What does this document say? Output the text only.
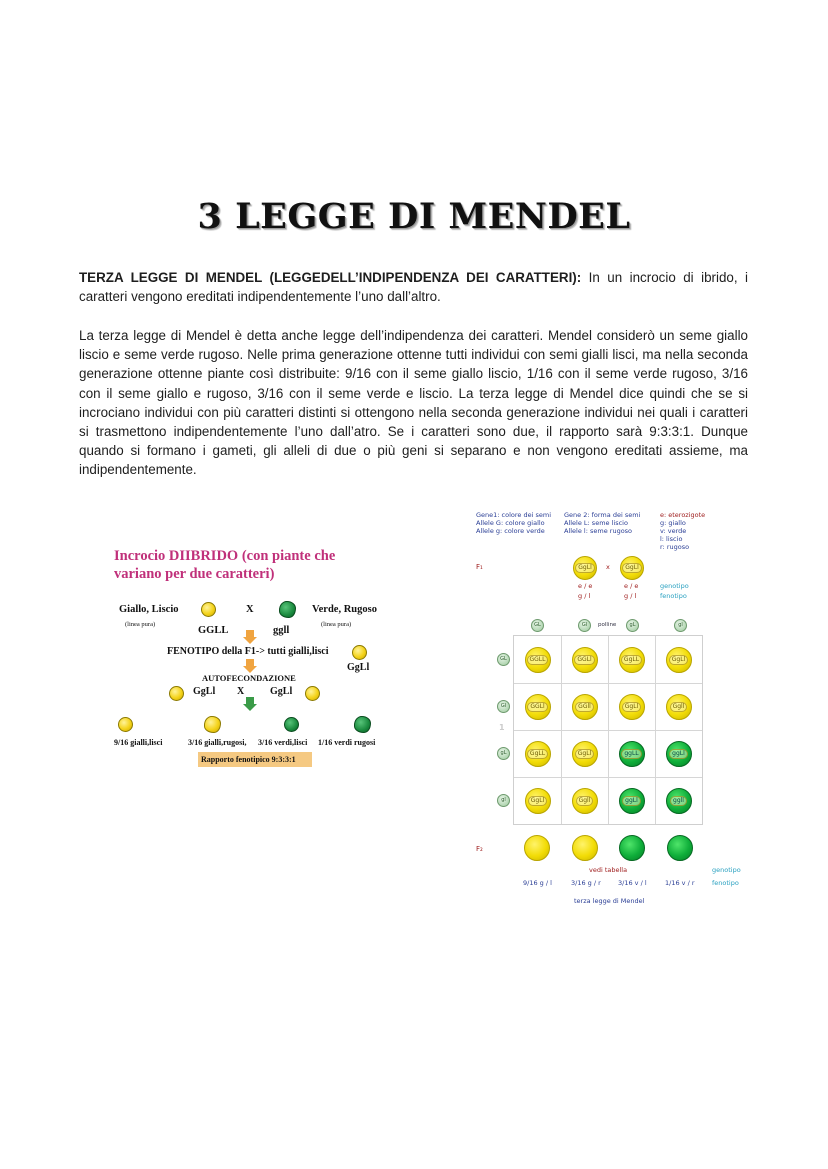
3 LEGGE DI MENDEL
TERZA LEGGE DI MENDEL (LEGGEDELL’INDIPENDENZA DEI CARATTERI): In un incrocio di ibrido, i caratteri vengono ereditati indipendentemente l’uno dall’altro.
La terza legge di Mendel è detta anche legge dell’indipendenza dei caratteri. Mendel considerò un seme giallo liscio e seme verde rugoso. Nelle prima generazione ottenne tutti individui con semi gialli lisci, ma nella seconda generazione ottenne piante così distribuite: 9/16 con il seme giallo liscio, 1/16 con il seme verde rugoso, 3/16 con il seme giallo e rugoso, 3/16 con il seme verde e liscio. La terza legge di Mendel dice quindi che se si incrociano individui con più caratteri distinti si ottengono nella seconda generazione individui nei quali i caratteri si trasmettono indipendentemente l’uno dall’atro. Se i caratteri sono due, il rapporto sarà 9:3:3:1. Dunque quando si formano i gameti, gli alleli di due o più geni si separano e non vengono ereditati assieme, ma indipendentemente.
Incrocio DIIBRIDO (con piante che variano per due caratteri)
Giallo, Liscio
(linea pura)
X	Verde, Rugoso
(linea pura)
GGLL	ggll
FENOTIPO della F1-> tutti gialli,lisci
GgLl
AUTOFECONDAZIONE
GgLl X	GgLl
9/16 gialli,lisci	3/16 gialli,rugosi, 3/16 verdi,lisci 1/16 verdi rugosi
Rapporto fenotipico 9:3:3:1
Gene1: colore dei semi
Allele G: colore giallo
Allele g: colore verde
Gene 2: forma dei semi
Allele L: seme liscio
Allele l: seme rugoso
e: eterozigote
g: giallo
v: verde
l: liscio
r: rugoso
F₁	GgLl	x	GgLl
e / e	e / e	genotipo
g / l	g / l	fenotipo
GL	Gl	polline	gL	gl
GL
Gl
1
gL
gl
GGLL	GGLl	GgLL	GgLl
GGLl	GGll	GgLl	Ggll
GgLL	GgLl	ggLL	ggLl
GgLl	Ggll	ggLl	ggll
F₂
vedi tabella	genotipo
9/16 g / l	3/16 g / r	3/16 v / l	1/16 v / r	fenotipo
terza legge di Mendel
